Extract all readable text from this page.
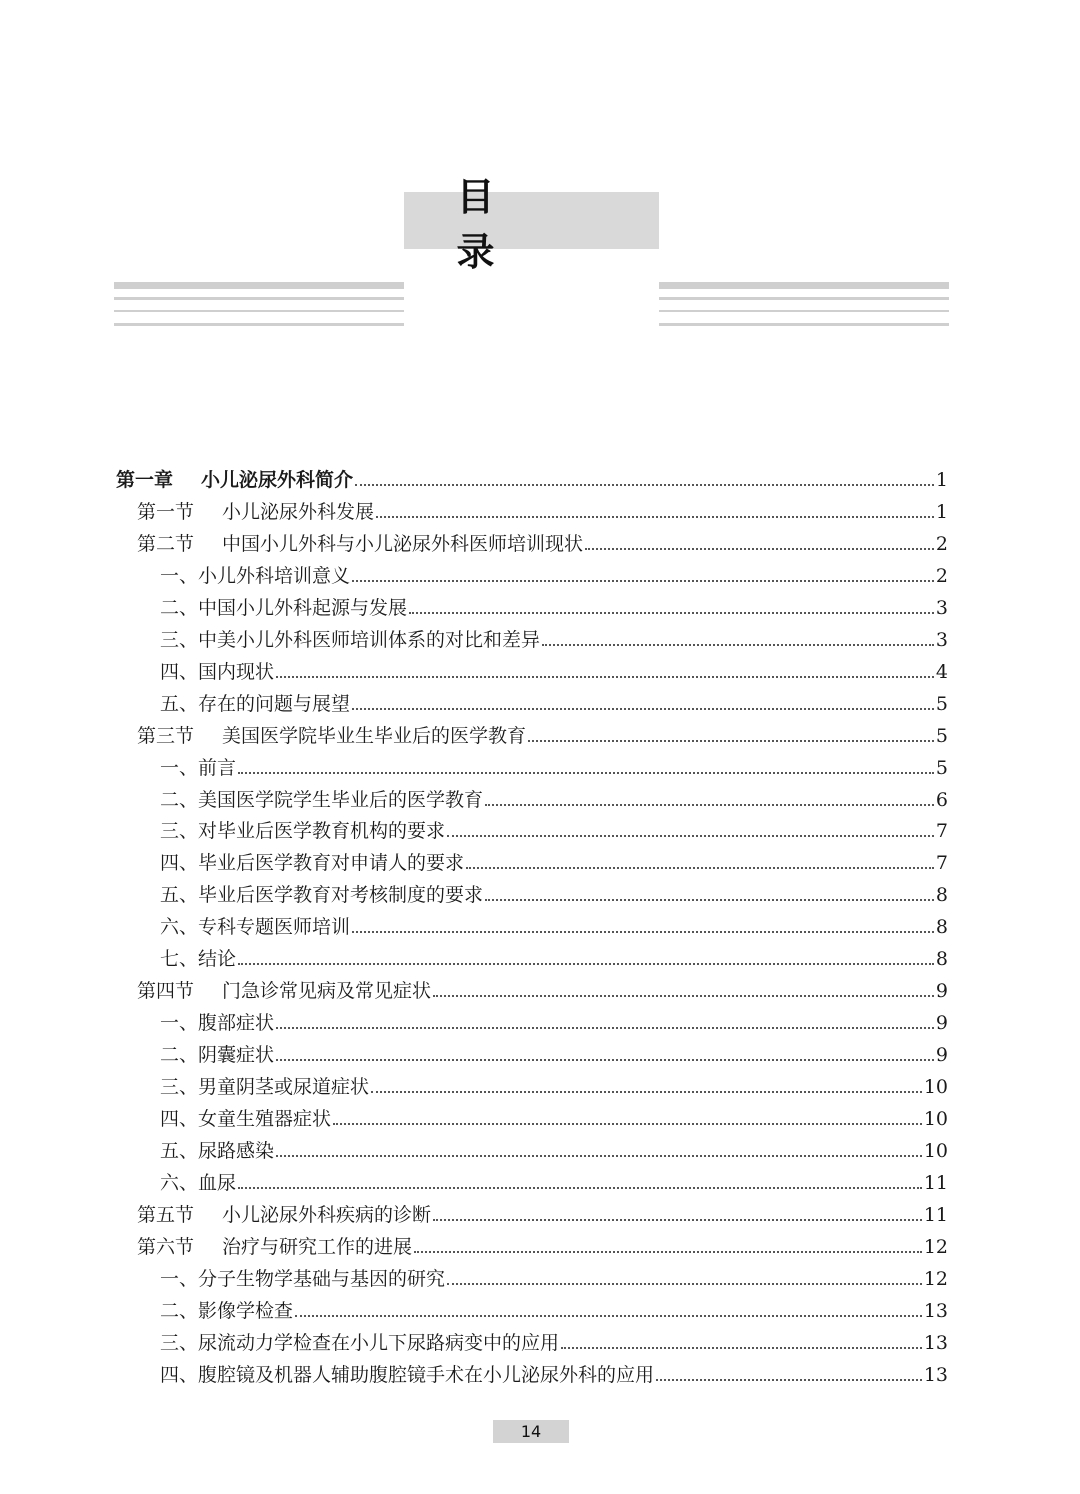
目　录
第一章 小儿泌尿外科简介	1
第一节 小儿泌尿外科发展	1
第二节 中国小儿外科与小儿泌尿外科医师培训现状	2
一、小儿外科培训意义	2
二、中国小儿外科起源与发展	3
三、中美小儿外科医师培训体系的对比和差异	3
四、国内现状	4
五、存在的问题与展望	5
第三节 美国医学院毕业生毕业后的医学教育	5
一、前言	5
二、美国医学院学生毕业后的医学教育	6
三、对毕业后医学教育机构的要求	7
四、毕业后医学教育对申请人的要求	7
五、毕业后医学教育对考核制度的要求	8
六、专科专题医师培训	8
七、结论	8
第四节 门急诊常见病及常见症状	9
一、腹部症状	9
二、阴囊症状	9
三、男童阴茎或尿道症状	10
四、女童生殖器症状	10
五、尿路感染	10
六、血尿	11
第五节 小儿泌尿外科疾病的诊断	11
第六节 治疗与研究工作的进展	12
一、分子生物学基础与基因的研究	12
二、影像学检查	13
三、尿流动力学检查在小儿下尿路病变中的应用	13
四、腹腔镜及机器人辅助腹腔镜手术在小儿泌尿外科的应用	13
14
